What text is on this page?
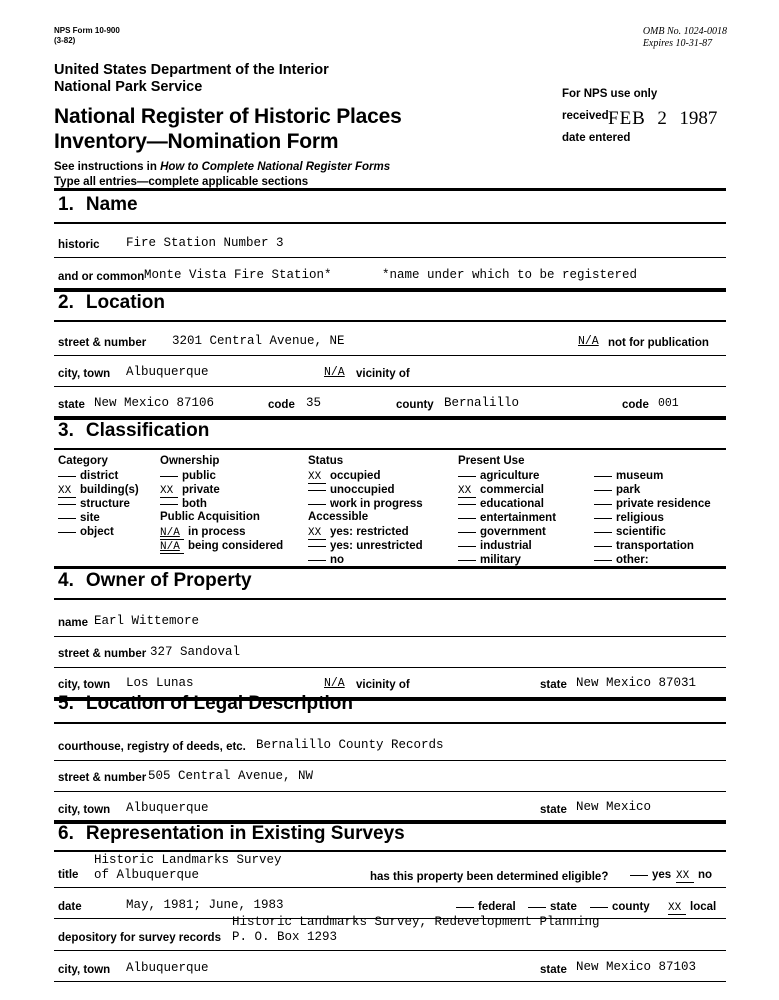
NPS Form 10-900
(3-82)
OMB No. 1024-0018
Expires 10-31-87
United States Department of the Interior
National Park Service
National Register of Historic Places
Inventory—Nomination Form
See instructions in How to Complete National Register Forms
Type all entries—complete applicable sections
For NPS use only
received
date entered
FEB 2 1987
1. Name
historic Fire Station Number 3
and or common Monte Vista Fire Station*	*name under which to be registered
2. Location
street & number 3201 Central Avenue, NE	N/A not for publication
city, town Albuquerque	N/A vicinity of
state New Mexico 87106	code 35	county Bernalillo	code 001
3. Classification
Category
district
XX building(s)
structure
site
object
Ownership
public
XX private
both
Public Acquisition
N/A in process
N/A being considered
Status
XX occupied
unoccupied
work in progress
Accessible
XX yes: restricted
yes: unrestricted
no
Present Use
agriculture
XX commercial
educational
entertainment
government
industrial
military
museum
park
private residence
religious
scientific
transportation
other:
4. Owner of Property
name Earl Wittemore
street & number 327 Sandoval
city, town Los Lunas	N/A vicinity of	state New Mexico 87031
5. Location of Legal Description
courthouse, registry of deeds, etc. Bernalillo County Records
street & number 505 Central Avenue, NW
city, town Albuquerque	state New Mexico
6. Representation in Existing Surveys
title
Historic Landmarks Survey
of Albuquerque	has this property been determined eligible?	yes XX no
date	May, 1981; June, 1983	federal	state	county XX local
depository for survey records
Historic Landmarks Survey, Redevelopment Planning
P. O. Box 1293
city, town Albuquerque	state New Mexico 87103
